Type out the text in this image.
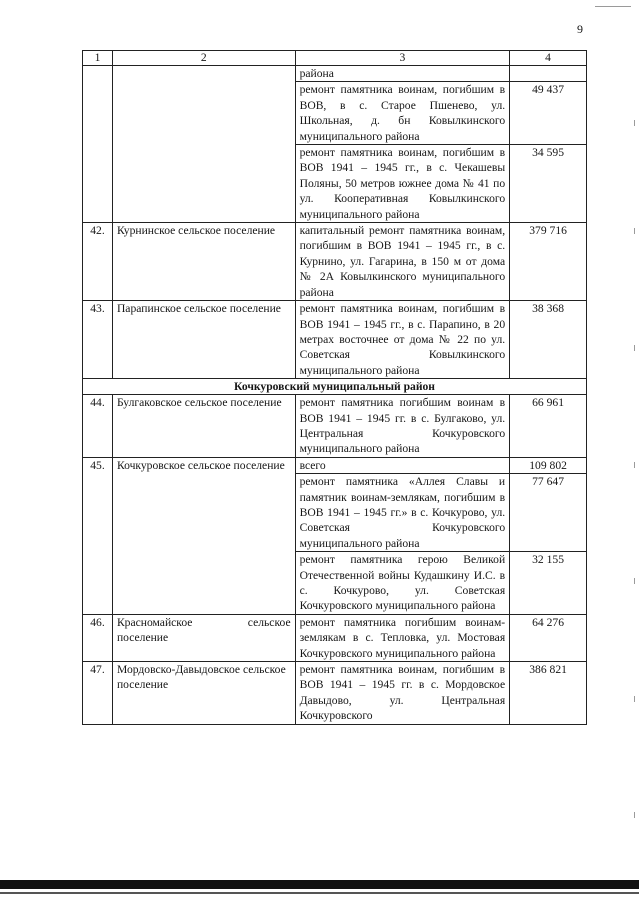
9
1	2	3	4
		района	
		ремонт памятника воинам, погибшим в ВОВ, в с. Старое Пшенево, ул. Школьная, д. бн Ковылкинского муниципального района	49 437
		ремонт памятника воинам, погибшим в ВОВ 1941 – 1945 гг., в с. Чекашевы Поляны, 50 метров южнее дома № 41 по ул. Кооперативная Ковылкинского муниципального района	34 595
42.	Курнинское сельское поселение	капитальный ремонт памятника воинам, погибшим в ВОВ 1941 – 1945 гг., в с. Курнино, ул. Гагарина, в 150 м от дома № 2А Ковылкинского муниципального района	379 716
43.	Парапинское сельское поселение	ремонт памятника воинам, погибшим в ВОВ 1941 – 1945 гг., в с. Парапино, в 20 метрах восточнее от дома № 22 по ул. Советская Ковылкинского муниципального района	38 368
Кочкуровский муниципальный район			
44.	Булгаковское сельское поселение	ремонт памятника погибшим воинам в ВОВ 1941 – 1945 гг. в с. Булгаково, ул. Центральная Кочкуровского муниципального района	66 961
45.	Кочкуровское сельское поселение	всего	109 802
		ремонт памятника «Аллея Славы и памятник воинам-землякам, погибшим в ВОВ 1941 – 1945 гг.» в с. Кочкурово, ул. Советская Кочкуровского муниципального района	77 647
		ремонт памятника герою Великой Отечественной войны Кудашкину И.С. в с. Кочкурово, ул. Советская Кочкуровского муниципального района	32 155
46.	Красномайское сельское поселение	ремонт памятника погибшим воинам-землякам в с. Тепловка, ул. Мостовая Кочкуровского муниципального района	64 276
47.	Мордовско-Давыдовское сельское поселение	ремонт памятника воинам, погибшим в ВОВ 1941 – 1945 гг. в с. Мордовское Давыдово, ул. Центральная Кочкуровского	386 821
